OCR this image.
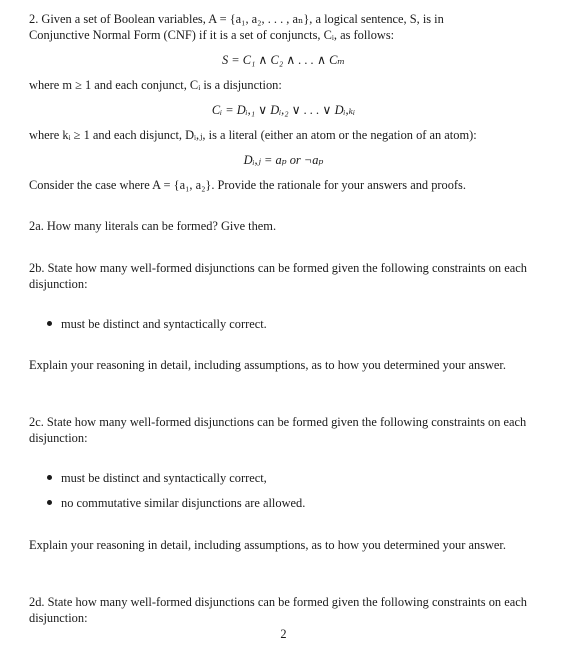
2. Given a set of Boolean variables, A = {a₁, a₂, . . . , aₙ}, a logical sentence, S, is in
Conjunctive Normal Form (CNF) if it is a set of conjuncts, Cᵢ, as follows:

S = C₁ ∧ C₂ ∧ . . . ∧ Cₘ

where m ≥ 1 and each conjunct, Cᵢ is a disjunction:

Cᵢ = Dᵢ,₁ ∨ Dᵢ,₂ ∨ . . . ∨ Dᵢ,ₖᵢ

where kᵢ ≥ 1 and each disjunct, Dᵢ,ⱼ, is a literal (either an atom or the negation of an atom):

Dᵢ,ⱼ = aₚ or ¬aₚ

Consider the case where A = {a₁, a₂}. Provide the rationale for your answers and proofs.

2a. How many literals can be formed? Give them.

2b. State how many well-formed disjunctions can be formed given the following constraints on each disjunction:

must be distinct and syntactically correct.

Explain your reasoning in detail, including assumptions, as to how you determined your answer.

2c. State how many well-formed disjunctions can be formed given the following constraints on each disjunction:

must be distinct and syntactically correct,
no commutative similar disjunctions are allowed.

Explain your reasoning in detail, including assumptions, as to how you determined your answer.

2d. State how many well-formed disjunctions can be formed given the following constraints on each disjunction:

2
